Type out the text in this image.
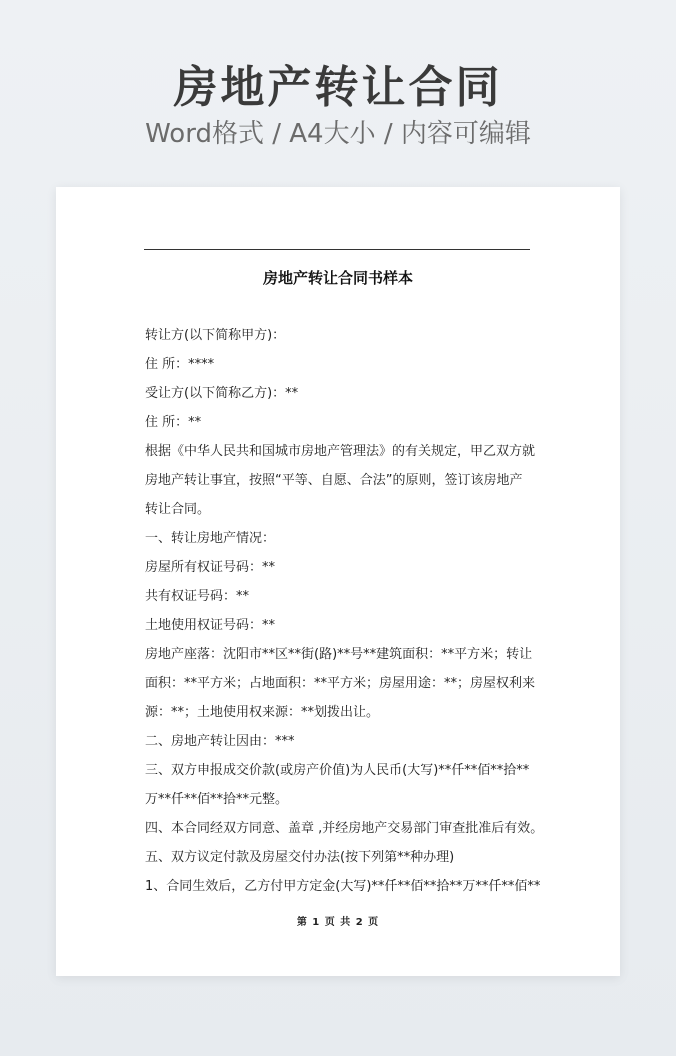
房地产转让合同
Word格式 / A4大小 / 内容可编辑
房地产转让合同书样本
转让方(以下简称甲方)：
住 所：****
受让方(以下简称乙方)：**
住 所：**
根据《中华人民共和国城市房地产管理法》的有关规定，甲乙双方就
房地产转让事宜，按照“平等、自愿、合法”的原则，签订该房地产
转让合同。
一、转让房地产情况：
房屋所有权证号码：**
共有权证号码：**
土地使用权证号码：**
房地产座落：沈阳市**区**街(路)**号**建筑面积：**平方米；转让
面积：**平方米；占地面积：**平方米；房屋用途：**；房屋权利来
源：**；土地使用权来源：**划拨出让。
二、房地产转让因由：***
三、双方申报成交价款(或房产价值)为人民币(大写)**仟**佰**拾**
万**仟**佰**拾**元整。
四、本合同经双方同意、盖章 ,并经房地产交易部门审查批准后有效。
五、双方议定付款及房屋交付办法(按下列第**种办理)
1、合同生效后，乙方付甲方定金(大写)**仟**佰**拾**万**仟**佰**
第 1 页 共 2 页
